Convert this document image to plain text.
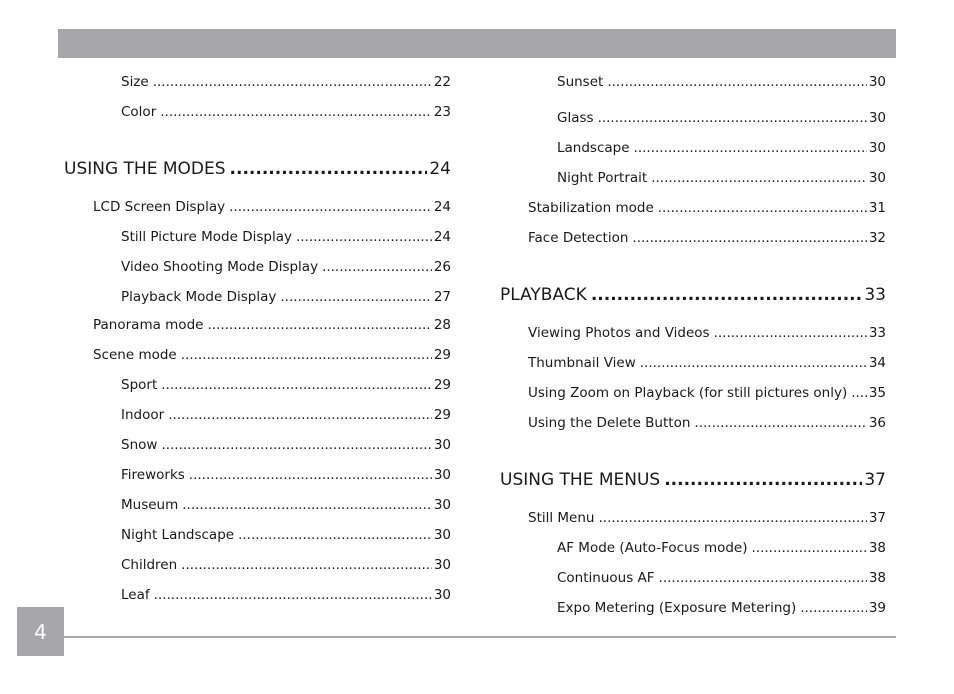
Size .....	22
Color .....	23
USING THE MODES .....	24
LCD Screen Display .....	24
Still Picture Mode Display .....	24
Video Shooting Mode Display .....	26
Playback Mode Display .....	27
Panorama mode .....	28
Scene mode .....	29
Sport .....	29
Indoor .....	29
Snow .....	30
Fireworks .....	30
Museum .....	30
Night Landscape .....	30
Children .....	30
Leaf .....	30
Sunset .....	30
Glass .....	30
Landscape .....	30
Night Portrait .....	30
Stabilization mode .....	31
Face Detection .....	32
PLAYBACK .....	33
Viewing Photos and Videos .....	33
Thumbnail View .....	34
Using Zoom on Playback (for still pictures only) ..... 35
Using the Delete Button .....	36
USING THE MENUS .....	37
Still Menu .....	37
AF Mode (Auto-Focus mode) .....	38
Continuous AF .....	38
Expo Metering (Exposure Metering) .....	39
4
